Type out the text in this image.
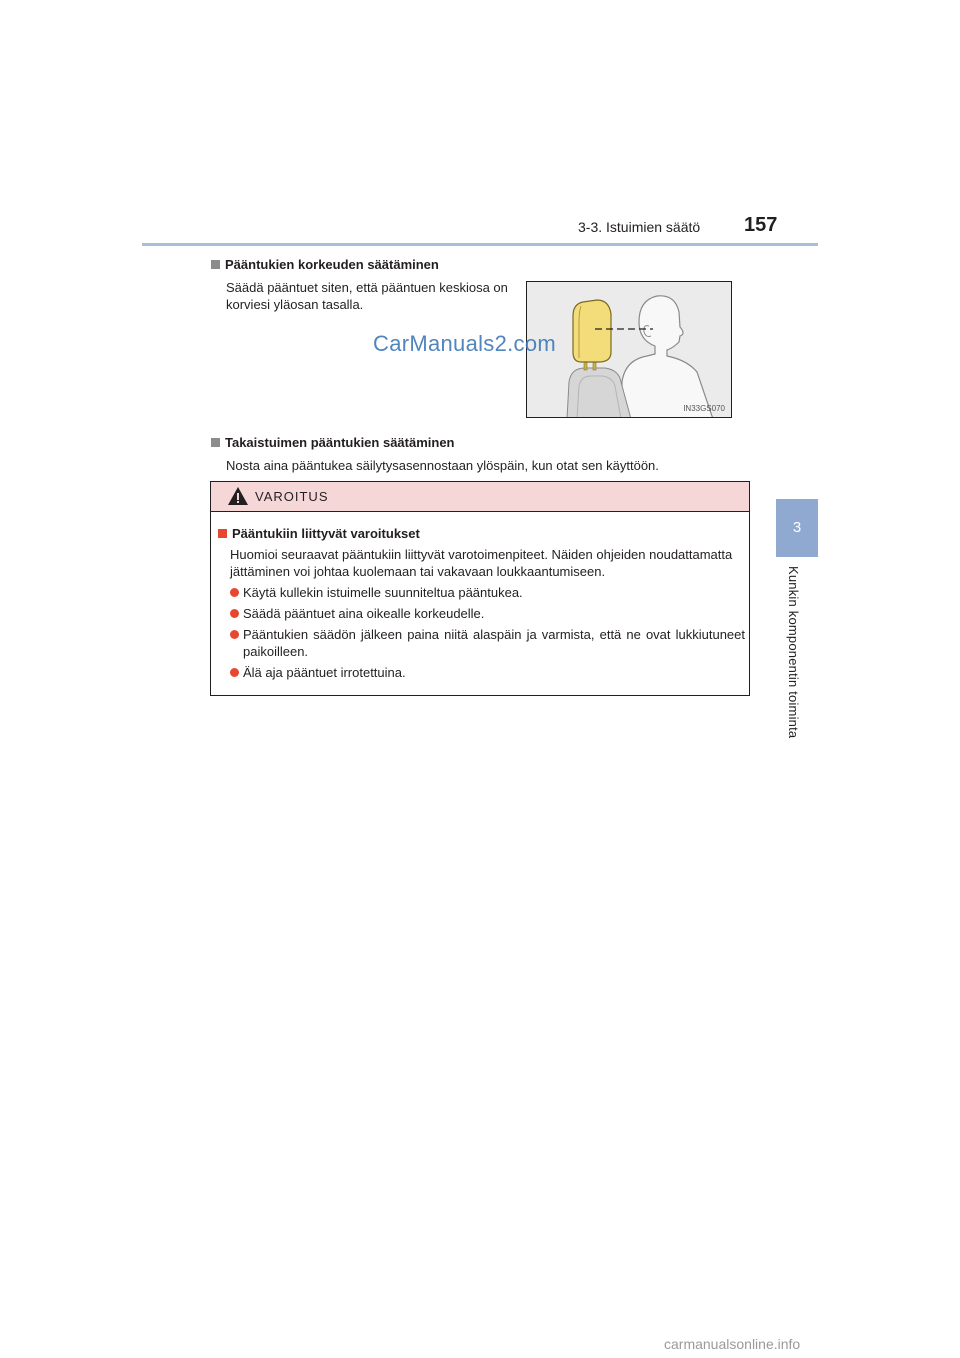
3-3. Istuimien säätö 157
3
Kunkin komponentin toiminta
Pääntukien korkeuden säätäminen
Säädä pääntuet siten, että pääntuen keskiosa on
korviesi yläosan tasalla.
IN33GS070
CarManuals2.com
Takaistuimen pääntukien säätäminen
Nosta aina pääntukea säilytysasennostaan ylöspäin, kun otat sen käyttöön.
VAROITUS
Pääntukiin liittyvät varoitukset
Huomioi seuraavat pääntukiin liittyvät varotoimenpiteet. Näiden ohjeiden noudattamatta
jättäminen voi johtaa kuolemaan tai vakavaan loukkaantumiseen.
Käytä kullekin istuimelle suunniteltua pääntukea.
Säädä pääntuet aina oikealle korkeudelle.
Pääntukien säädön jälkeen paina niitä alaspäin ja varmista, että ne ovat lukkiutuneet paikoilleen.
Älä aja pääntuet irrotettuina.
carmanualsonline.info
